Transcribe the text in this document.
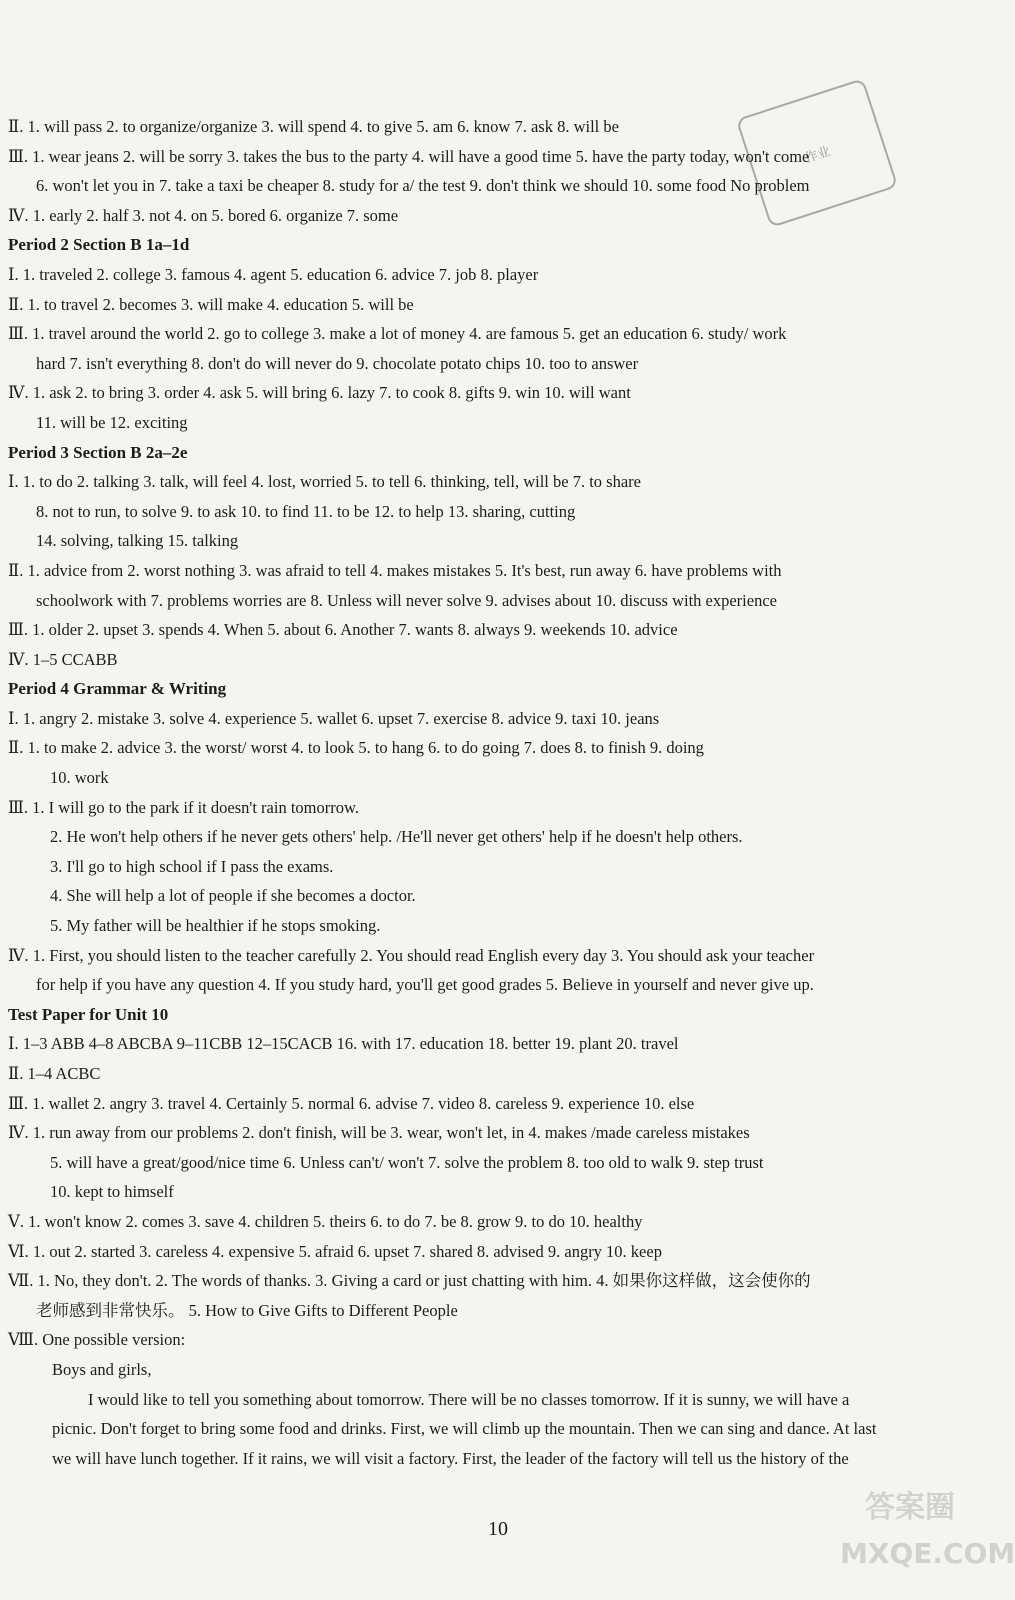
作业
Ⅱ. 1. will pass 2. to organize/organize 3. will spend 4. to give 5. am 6. know 7. ask 8. will be
Ⅲ. 1. wear jeans 2. will be sorry 3. takes the bus to the party 4. will have a good time 5. have the party today, won't come
6. won't let you in 7. take a taxi be cheaper 8. study for a/ the test 9. don't think we should 10. some food No problem
Ⅳ. 1. early 2. half 3. not 4. on 5. bored 6. organize 7. some
Period 2 Section B 1a–1d
Ⅰ. 1. traveled 2. college 3. famous 4. agent 5. education 6. advice 7. job 8. player
Ⅱ. 1. to travel 2. becomes 3. will make 4. education 5. will be
Ⅲ. 1. travel around the world 2. go to college 3. make a lot of money 4. are famous 5. get an education 6. study/ work
hard 7. isn't everything 8. don't do will never do 9. chocolate potato chips 10. too to answer
Ⅳ. 1. ask 2. to bring 3. order 4. ask 5. will bring 6. lazy 7. to cook 8. gifts 9. win 10. will want
11. will be 12. exciting
Period 3 Section B 2a–2e
Ⅰ. 1. to do 2. talking 3. talk, will feel 4. lost, worried 5. to tell 6. thinking, tell, will be 7. to share
8. not to run, to solve 9. to ask 10. to find 11. to be 12. to help 13. sharing, cutting
14. solving, talking 15. talking
Ⅱ. 1. advice from 2. worst nothing 3. was afraid to tell 4. makes mistakes 5. It's best, run away 6. have problems with
schoolwork with 7. problems worries are 8. Unless will never solve 9. advises about 10. discuss with experience
Ⅲ. 1. older 2. upset 3. spends 4. When 5. about 6. Another 7. wants 8. always 9. weekends 10. advice
Ⅳ. 1–5 CCABB
Period 4 Grammar & Writing
Ⅰ. 1. angry 2. mistake 3. solve 4. experience 5. wallet 6. upset 7. exercise 8. advice 9. taxi 10. jeans
Ⅱ. 1. to make 2. advice 3. the worst/ worst 4. to look 5. to hang 6. to do going 7. does 8. to finish 9. doing
10. work
Ⅲ. 1. I will go to the park if it doesn't rain tomorrow.
2. He won't help others if he never gets others' help. /He'll never get others' help if he doesn't help others.
3. I'll go to high school if I pass the exams.
4. She will help a lot of people if she becomes a doctor.
5. My father will be healthier if he stops smoking.
Ⅳ. 1. First, you should listen to the teacher carefully 2. You should read English every day 3. You should ask your teacher
for help if you have any question 4. If you study hard, you'll get good grades 5. Believe in yourself and never give up.
Test Paper for Unit 10
Ⅰ. 1–3 ABB 4–8 ABCBA 9–11CBB 12–15CACB 16. with 17. education 18. better 19. plant 20. travel
Ⅱ. 1–4 ACBC
Ⅲ. 1. wallet 2. angry 3. travel 4. Certainly 5. normal 6. advise 7. video 8. careless 9. experience 10. else
Ⅳ. 1. run away from our problems 2. don't finish, will be 3. wear, won't let, in 4. makes /made careless mistakes
5. will have a great/good/nice time 6. Unless can't/ won't 7. solve the problem 8. too old to walk 9. step trust
10. kept to himself
Ⅴ. 1. won't know 2. comes 3. save 4. children 5. theirs 6. to do 7. be 8. grow 9. to do 10. healthy
Ⅵ. 1. out 2. started 3. careless 4. expensive 5. afraid 6. upset 7. shared 8. advised 9. angry 10. keep
Ⅶ. 1. No, they don't. 2. The words of thanks. 3. Giving a card or just chatting with him. 4. 如果你这样做，这会使你的
老师感到非常快乐。 5. How to Give Gifts to Different People
Ⅷ. One possible version:
Boys and girls,
I would like to tell you something about tomorrow. There will be no classes tomorrow. If it is sunny, we will have a
picnic. Don't forget to bring some food and drinks. First, we will climb up the mountain. Then we can sing and dance. At last
we will have lunch together. If it rains, we will visit a factory. First, the leader of the factory will tell us the history of the
10
答案圈
MXQE.COM
